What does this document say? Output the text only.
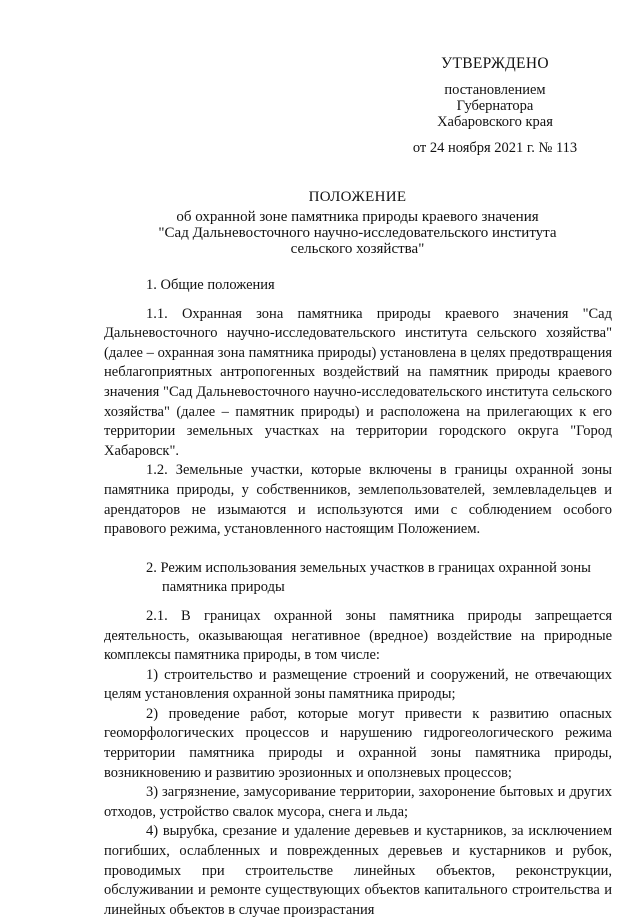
УТВЕРЖДЕНО
постановлением
Губернатора
Хабаровского края
от 24 ноября 2021 г. № 113
ПОЛОЖЕНИЕ
об охранной зоне памятника природы краевого значения
"Сад Дальневосточного научно-исследовательского института
сельского хозяйства"
1. Общие положения

1.1. Охранная зона памятника природы краевого значения "Сад Дальневосточного научно-исследовательского института сельского хозяйства" (далее – охранная зона памятника природы) установлена в целях предотвращения неблагоприятных антропогенных воздействий на памятник природы краевого значения "Сад Дальневосточного научно-исследовательского института сельского хозяйства" (далее – памятник природы) и расположена на прилегающих к его территории земельных участках на территории городского округа "Город Хабаровск".

1.2. Земельные участки, которые включены в границы охранной зоны памятника природы, у собственников, землепользователей, землевладельцев и арендаторов не изымаются и используются ими с соблюдением особого правового режима, установленного настоящим Положением.

2. Режим использования земельных участков в границах охранной зоны
памятника природы

2.1. В границах охранной зоны памятника природы запрещается деятельность, оказывающая негативное (вредное) воздействие на природные комплексы памятника природы, в том числе:

1) строительство и размещение строений и сооружений, не отвечающих целям установления охранной зоны памятника природы;

2) проведение работ, которые могут привести к развитию опасных геоморфологических процессов и нарушению гидрогеологического режима территории памятника природы и охранной зоны памятника природы, возникновению и развитию эрозионных и оползневых процессов;

3) загрязнение, замусоривание территории, захоронение бытовых и других отходов, устройство свалок мусора, снега и льда;

4) вырубка, срезание и удаление деревьев и кустарников, за исключением погибших, ослабленных и поврежденных деревьев и кустарников и рубок, проводимых при строительстве линейных объектов, реконструкции, обслуживании и ремонте существующих объектов капитального строительства и линейных объектов в случае произрастания
